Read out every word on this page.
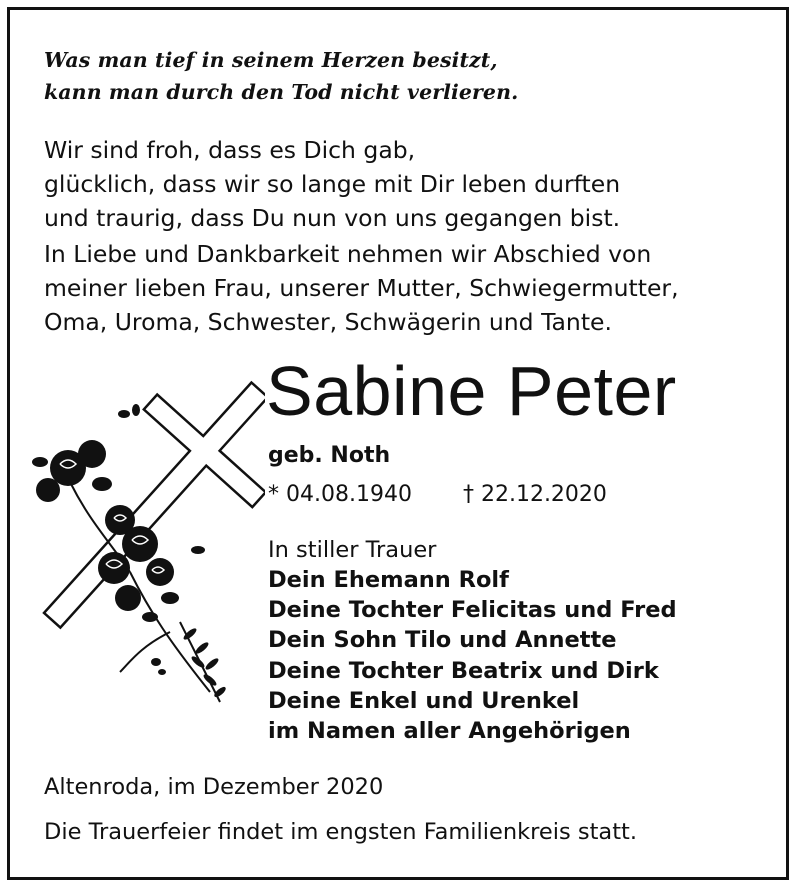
Was man tief in seinem Herzen besitzt,
kann man durch den Tod nicht verlieren.
Wir sind froh, dass es Dich gab,
glücklich, dass wir so lange mit Dir leben durften
und traurig, dass Du nun von uns gegangen bist.
In Liebe und Dankbarkeit nehmen wir Abschied von
meiner lieben Frau, unserer Mutter, Schwiegermutter,
Oma, Uroma, Schwester, Schwägerin und Tante.
Sabine Peter
geb. Noth
* 04.08.1940 † 22.12.2020
In stiller Trauer
Dein Ehemann Rolf
Deine Tochter Felicitas und Fred
Dein Sohn Tilo und Annette
Deine Tochter Beatrix und Dirk
Deine Enkel und Urenkel
im Namen aller Angehörigen
Altenroda, im Dezember 2020
Die Trauerfeier findet im engsten Familienkreis statt.
